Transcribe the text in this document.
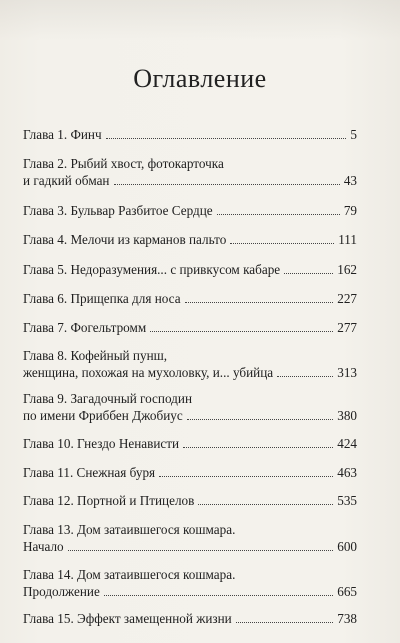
Оглавление
Глава 1. Финч	5
Глава 2. Рыбий хвост, фотокарточка
и гадкий обман	43
Глава 3. Бульвар Разбитое Сердце	79
Глава 4. Мелочи из карманов пальто	111
Глава 5. Недоразумения... с привкусом кабаре	162
Глава 6. Прищепка для носа	227
Глава 7. Фогельтромм	277
Глава 8. Кофейный пунш,
женщина, похожая на мухоловку, и... убийца	313
Глава 9. Загадочный господин
по имени Фриббен Джобиус	380
Глава 10. Гнездо Ненависти	424
Глава 11. Снежная буря	463
Глава 12. Портной и Птицелов	535
Глава 13. Дом затаившегося кошмара.
Начало	600
Глава 14. Дом затаившегося кошмара.
Продолжение	665
Глава 15. Эффект замещенной жизни	738
